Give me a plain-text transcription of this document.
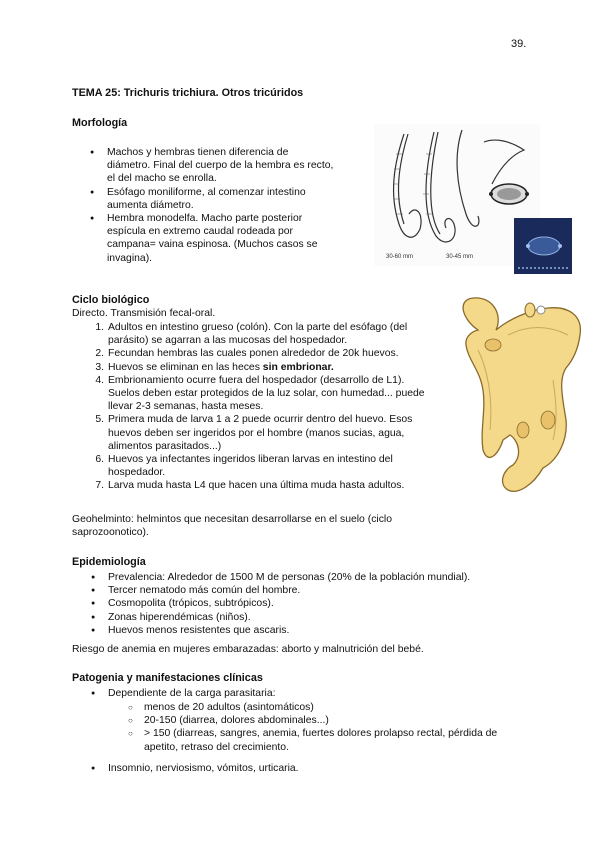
39.
TEMA 25: Trichuris trichiura. Otros tricúridos
Morfología
● Machos y hembras tienen diferencia de
diámetro. Final del cuerpo de la hembra es recto,
el del macho se enrolla.
● Esófago moniliforme, al comenzar intestino
aumenta diámetro.
● Hembra monodelfa. Macho parte posterior
espícula en extremo caudal rodeada por
campana= vaina espinosa. (Muchos casos se
invagina).	30-60 mm	30-45 mm
Ciclo biológico
Directo. Transmisión fecal-oral.
1. Adultos en intestino grueso (colón). Con la parte del esófago (del
parásito) se agarran a las mucosas del hospedador.
2. Fecundan hembras las cuales ponen alrededor de 20k huevos.
3. Huevos se eliminan en las heces sin embrionar.
4. Embrionamiento ocurre fuera del hospedador (desarrollo de L1).
Suelos deben estar protegidos de la luz solar, con humedad... puede
llevar 2-3 semanas, hasta meses.
5. Primera muda de larva 1 a 2 puede ocurrir dentro del huevo. Esos
huevos deben ser ingeridos por el hombre (manos sucias, agua,
alimentos parasitados...)
6. Huevos ya infectantes ingeridos liberan larvas en intestino del
hospedador.
7. Larva muda hasta L4 que hacen una última muda hasta adultos.
Geohelminto: helmintos que necesitan desarrollarse en el suelo (ciclo
saprozoonotico).
Epidemiología
● Prevalencia: Alrededor de 1500 M de personas (20% de la población mundial).
● Tercer nematodo más común del hombre.
● Cosmopolita (trópicos, subtrópicos).
● Zonas hiperendémicas (niños).
● Huevos menos resistentes que ascaris.
Riesgo de anemia en mujeres embarazadas: aborto y malnutrición del bebé.
Patogenia y manifestaciones clínicas
● Dependiente de la carga parasitaria:
○ menos de 20 adultos (asintomáticos)
○ 20-150 (diarrea, dolores abdominales...)
○ > 150 (diarreas, sangres, anemia, fuertes dolores prolapso rectal, pérdida de
apetito, retraso del crecimiento.
● Insomnio, nerviosismo, vómitos, urticaria.
